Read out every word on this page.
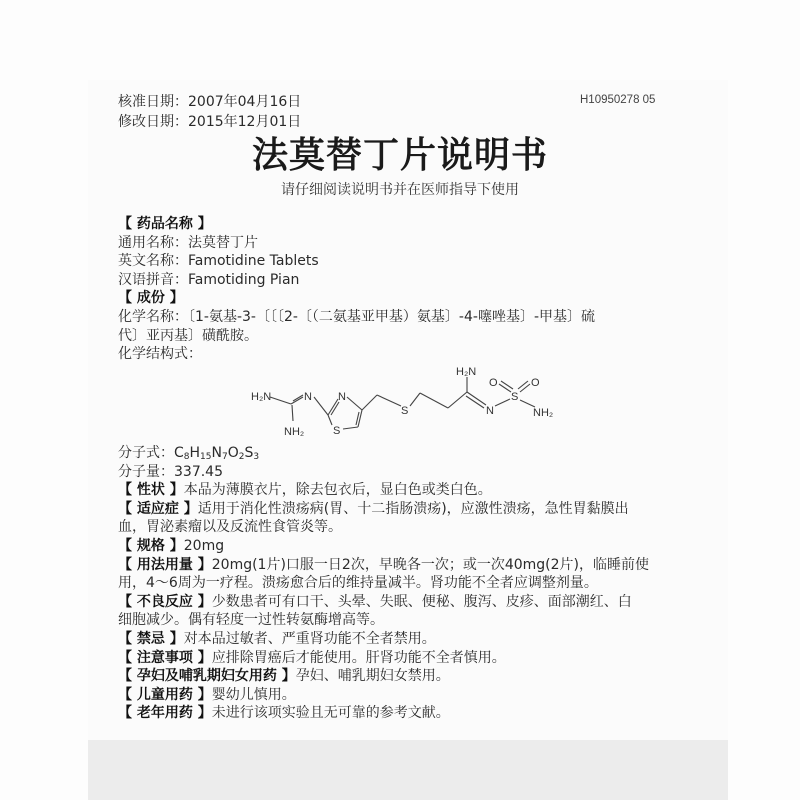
核准日期：2007年04月16日
修改日期：2015年12月01日
H10950278 05
法莫替丁片说明书
请仔细阅读说明书并在医师指导下使用
【 药品名称 】
通用名称：法莫替丁片
英文名称：Famotidine Tablets
汉语拼音：Famotiding Pian
【 成份 】
化学名称：〔1-氨基-3-〔〔〔2-〔（二氨基亚甲基）氨基〕-4-噻唑基〕-甲基〕硫
代〕亚丙基〕磺酰胺。
化学结构式：
H₂N	N
NH₂
N
S
S
H₂N
N
S
O	O
NH₂
分子式：$C_8H_{15}N_7O_2S_3$
分子量：337.45
【 性状 】本品为薄膜衣片，除去包衣后，显白色或类白色。
【 适应症 】适用于消化性溃疡病(胃、十二指肠溃疡)，应激性溃疡，急性胃黏膜出
血，胃泌素瘤以及反流性食管炎等。
【 规格 】20mg
【 用法用量 】20mg(1片)口服一日2次，早晚各一次；或一次40mg(2片)，临睡前使
用，4～6周为一疗程。溃疡愈合后的维持量减半。肾功能不全者应调整剂量。
【 不良反应 】少数患者可有口干、头晕、失眠、便秘、腹泻、皮疹、面部潮红、白
细胞减少。偶有轻度一过性转氨酶增高等。
【 禁忌 】对本品过敏者、严重肾功能不全者禁用。
【 注意事项 】应排除胃癌后才能使用。肝肾功能不全者慎用。
【 孕妇及哺乳期妇女用药 】孕妇、哺乳期妇女禁用。
【 儿童用药 】婴幼儿慎用。
【 老年用药 】未进行该项实验且无可靠的参考文献。
